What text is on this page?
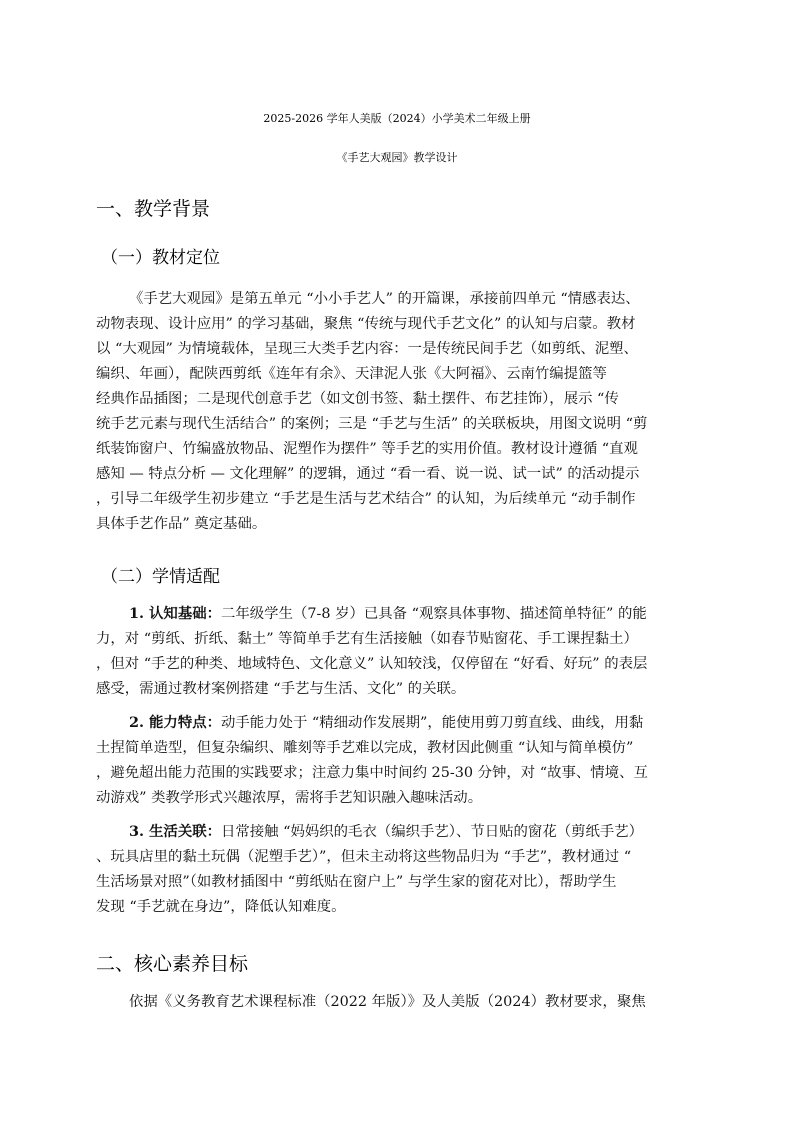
2025-2026 学年人美版（2024）小学美术二年级上册
《手艺大观园》教学设计
一、教学背景
（一）教材定位
《手艺大观园》是第五单元 “小小手艺人” 的开篇课，承接前四单元 “情感表达、
动物表现、设计应用” 的学习基础，聚焦 “传统与现代手艺文化” 的认知与启蒙。教材
以 “大观园” 为情境载体，呈现三大类手艺内容：一是传统民间手艺（如剪纸、泥塑、
编织、年画），配陕西剪纸《连年有余》、天津泥人张《大阿福》、云南竹编提篮等
经典作品插图；二是现代创意手艺（如文创书签、黏土摆件、布艺挂饰），展示 “传
统手艺元素与现代生活结合” 的案例；三是 “手艺与生活” 的关联板块，用图文说明 “剪
纸装饰窗户、竹编盛放物品、泥塑作为摆件” 等手艺的实用价值。教材设计遵循 “直观
感知 — 特点分析 — 文化理解” 的逻辑，通过 “看一看、说一说、试一试” 的活动提示
，引导二年级学生初步建立 “手艺是生活与艺术结合” 的认知，为后续单元 “动手制作
具体手艺作品” 奠定基础。
（二）学情适配
1. 认知基础：二年级学生（7-8 岁）已具备 “观察具体事物、描述简单特征” 的能
力，对 “剪纸、折纸、黏土” 等简单手艺有生活接触（如春节贴窗花、手工课捏黏土）
，但对 “手艺的种类、地域特色、文化意义” 认知较浅，仅停留在 “好看、好玩” 的表层
感受，需通过教材案例搭建 “手艺与生活、文化” 的关联。
2. 能力特点：动手能力处于 “精细动作发展期”，能使用剪刀剪直线、曲线，用黏
土捏简单造型，但复杂编织、雕刻等手艺难以完成，教材因此侧重 “认知与简单模仿”
，避免超出能力范围的实践要求；注意力集中时间约 25-30 分钟，对 “故事、情境、互
动游戏” 类教学形式兴趣浓厚，需将手艺知识融入趣味活动。
3. 生活关联：日常接触 “妈妈织的毛衣（编织手艺）、节日贴的窗花（剪纸手艺）
、玩具店里的黏土玩偶（泥塑手艺）”，但未主动将这些物品归为 “手艺”，教材通过 “
生活场景对照”（如教材插图中 “剪纸贴在窗户上” 与学生家的窗花对比），帮助学生
发现 “手艺就在身边”，降低认知难度。
二、核心素养目标
依据《义务教育艺术课程标准（2022 年版）》及人美版（2024）教材要求，聚焦
